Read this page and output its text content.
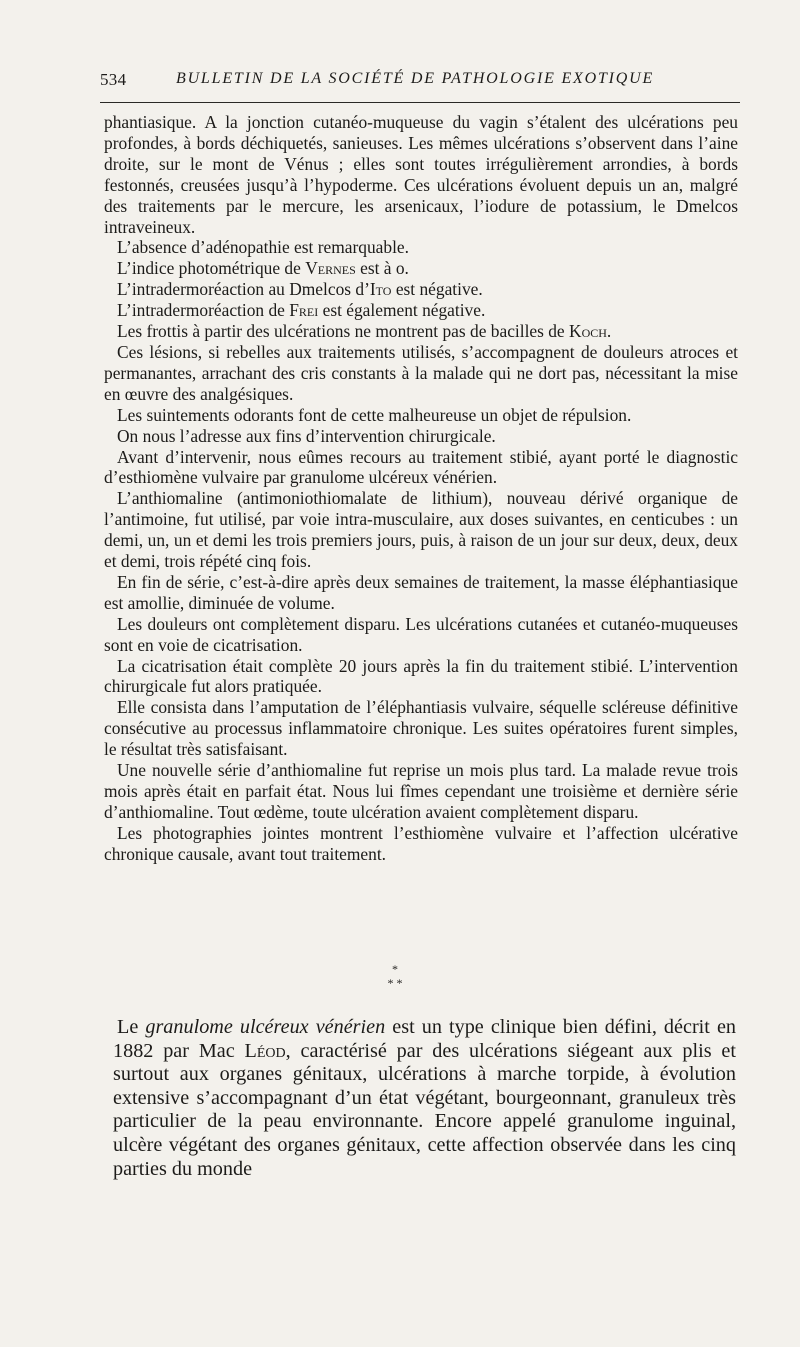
534	BULLETIN DE LA SOCIÉTÉ DE PATHOLOGIE EXOTIQUE

phantiasique. A la jonction cutanéo-muqueuse du vagin s’étalent des ulcérations peu profondes, à bords déchiquetés, sanieuses. Les mêmes ulcérations s’observent dans l’aine droite, sur le mont de Vénus ; elles sont toutes irrégulièrement arrondies, à bords festonnés, creusées jusqu’à l’hypoderme. Ces ulcérations évoluent depuis un an, malgré des traitements par le mercure, les arsenicaux, l’iodure de potassium, le Dmelcos intraveineux.

L’absence d’adénopathie est remarquable.

L’indice photométrique de Vernes est à o.

L’intradermoréaction au Dmelcos d’Ito est négative.

L’intradermoréaction de Frei est également négative.

Les frottis à partir des ulcérations ne montrent pas de bacilles de Koch.

Ces lésions, si rebelles aux traitements utilisés, s’accompagnent de douleurs atroces et permanantes, arrachant des cris constants à la malade qui ne dort pas, nécessitant la mise en œuvre des analgésiques.

Les suintements odorants font de cette malheureuse un objet de répulsion.

On nous l’adresse aux fins d’intervention chirurgicale.

Avant d’intervenir, nous eûmes recours au traitement stibié, ayant porté le diagnostic d’esthiomène vulvaire par granulome ulcéreux vénérien.

L’anthiomaline (antimoniothiomalate de lithium), nouveau dérivé organique de l’antimoine, fut utilisé, par voie intra-musculaire, aux doses suivantes, en centicubes : un demi, un, un et demi les trois premiers jours, puis, à raison de un jour sur deux, deux, deux et demi, trois répété cinq fois.

En fin de série, c’est-à-dire après deux semaines de traitement, la masse éléphantiasique est amollie, diminuée de volume.

Les douleurs ont complètement disparu. Les ulcérations cutanées et cutanéo-muqueuses sont en voie de cicatrisation.

La cicatrisation était complète 20 jours après la fin du traitement stibié. L’intervention chirurgicale fut alors pratiquée.

Elle consista dans l’amputation de l’éléphantiasis vulvaire, séquelle scléreuse définitive consécutive au processus inflammatoire chronique. Les suites opératoires furent simples, le résultat très satisfaisant.

Une nouvelle série d’anthiomaline fut reprise un mois plus tard. La malade revue trois mois après était en parfait état. Nous lui fîmes cependant une troisième et dernière série d’anthiomaline. Tout œdème, toute ulcération avaient complètement disparu.

Les photographies jointes montrent l’esthiomène vulvaire et l’affection ulcérative chronique causale, avant tout traitement.

*
* *

Le granulome ulcéreux vénérien est un type clinique bien défini, décrit en 1882 par Mac Léod, caractérisé par des ulcérations siégeant aux plis et surtout aux organes génitaux, ulcérations à marche torpide, à évolution extensive s’accompagnant d’un état végétant, bourgeonnant, granuleux très particulier de la peau environnante. Encore appelé granulome inguinal, ulcère végétant des organes génitaux, cette affection observée dans les cinq parties du monde
